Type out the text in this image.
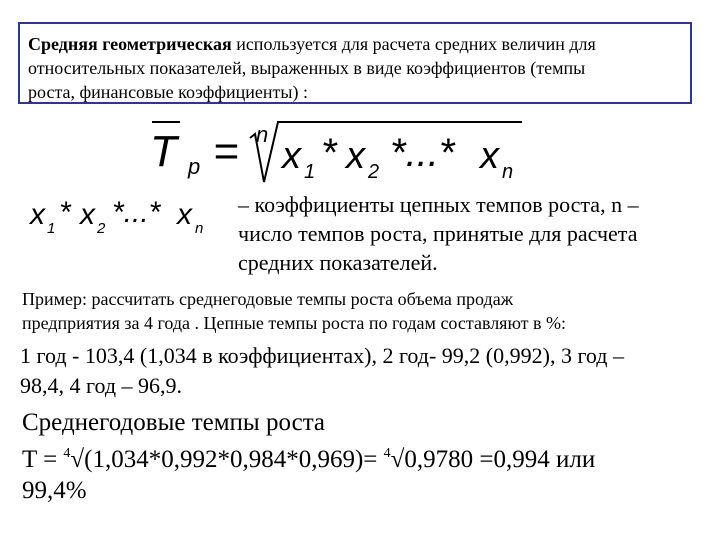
Средняя геометрическая используется для расчета средних величин для
относительных показателей, выраженных в виде коэффициентов (темпы
роста, финансовые коэффициенты) :
T p = n
x 1 * x 2 *...* x n
x 1 * x 2 *...* x n
– коэффициенты цепных темпов роста, n –
число темпов роста, принятые для расчета
средних показателей.
Пример: рассчитать среднегодовые темпы роста объема продаж
предприятия за 4 года . Цепные темпы роста по годам составляют в %:
1 год - 103,4 (1,034 в коэффициентах), 2 год- 99,2 (0,992), 3 год –
98,4, 4 год – 96,9.
Среднегодовые темпы роста
T = $^4$√(1,034*0,992*0,984*0,969)= $^4$√0,9780 =0,994 или
99,4%
